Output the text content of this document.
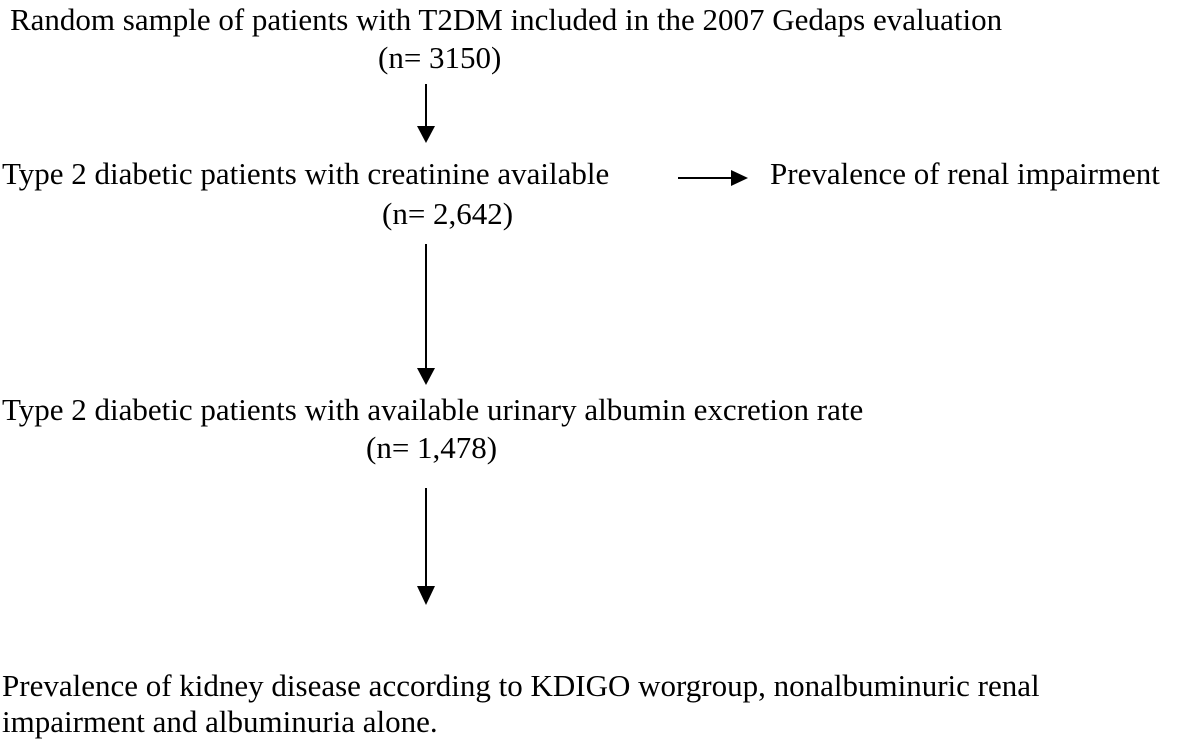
Random sample of patients with T2DM included in the 2007 Gedaps evaluation

(n= 3150)

Type 2 diabetic patients with creatinine available

(n= 2,642)

Prevalence of renal impairment

Type 2 diabetic patients with available urinary albumin excretion rate

(n= 1,478)

Prevalence of kidney disease according to KDIGO worgroup, nonalbuminuric renal impairment and albuminuria alone.
